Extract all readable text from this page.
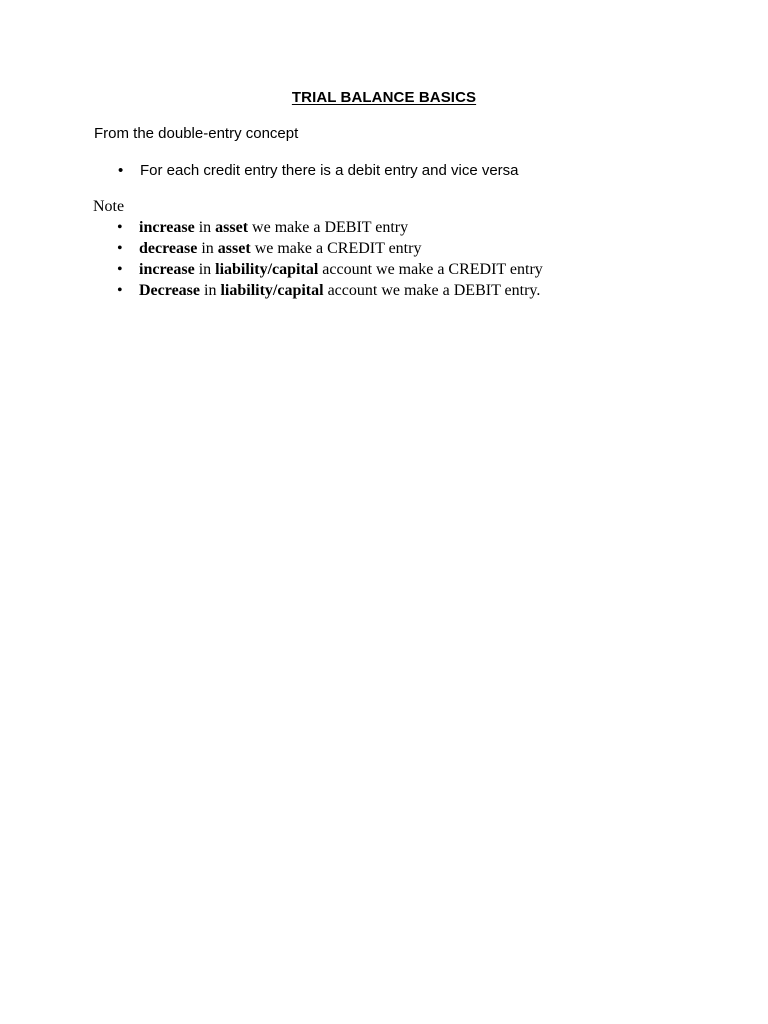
TRIAL BALANCE BASICS
From the double-entry concept
• For each credit entry there is a debit entry and vice versa
Note
• increase in asset we make a DEBIT entry
• decrease in asset we make a CREDIT entry
• increase in liability/capital account we make a CREDIT entry
• Decrease in liability/capital account we make a DEBIT entry.
